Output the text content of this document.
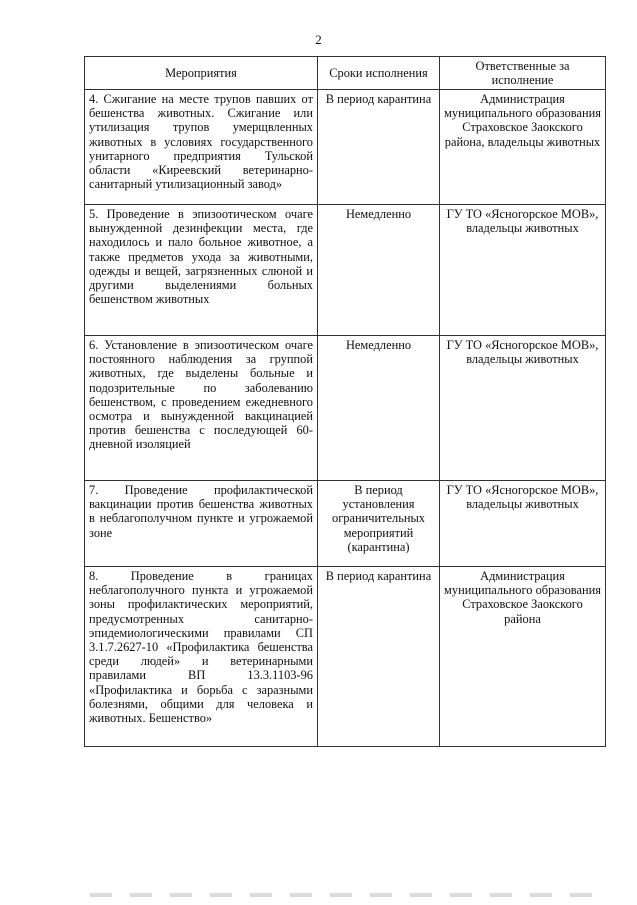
2
Мероприятия	Сроки исполнения	Ответственные за исполнение
4. Сжигание на месте трупов павших от бешенства животных. Сжигание или утилизация трупов умерщвленных животных в условиях государственного унитарного предприятия Тульской области «Киреевский ветеринарно-санитарный утилизационный завод»	В период карантина	Администрация муниципального образования Страховское Заокского района, владельцы животных
5. Проведение в эпизоотическом очаге вынужденной дезинфекции места, где находилось и пало больное животное, а также предметов ухода за животными, одежды и вещей, загрязненных слюной и другими выделениями больных бешенством животных	Немедленно	ГУ ТО «Ясногорское МОВ», владельцы животных
6. Установление в эпизоотическом очаге постоянного наблюдения за группой животных, где выделены больные и подозрительные по заболеванию бешенством, с проведением ежедневного осмотра и вынужденной вакцинацией против бешенства с последующей 60-дневной изоляцией	Немедленно	ГУ ТО «Ясногорское МОВ», владельцы животных
7. Проведение профилактической вакцинации против бешенства животных в неблагополучном пункте и угрожаемой зоне	В период установления ограничительных мероприятий (карантина)	ГУ ТО «Ясногорское МОВ», владельцы животных
8. Проведение в границах неблагополучного пункта и угрожаемой зоны профилактических мероприятий, предусмотренных санитарно-эпидемиологическими правилами СП 3.1.7.2627-10 «Профилактика бешенства среди людей» и ветеринарными правилами ВП 13.3.1103-96 «Профилактика и борьба с заразными болезнями, общими для человека и животных. Бешенство»	В период карантина	Администрация муниципального образования Страховское Заокского района
